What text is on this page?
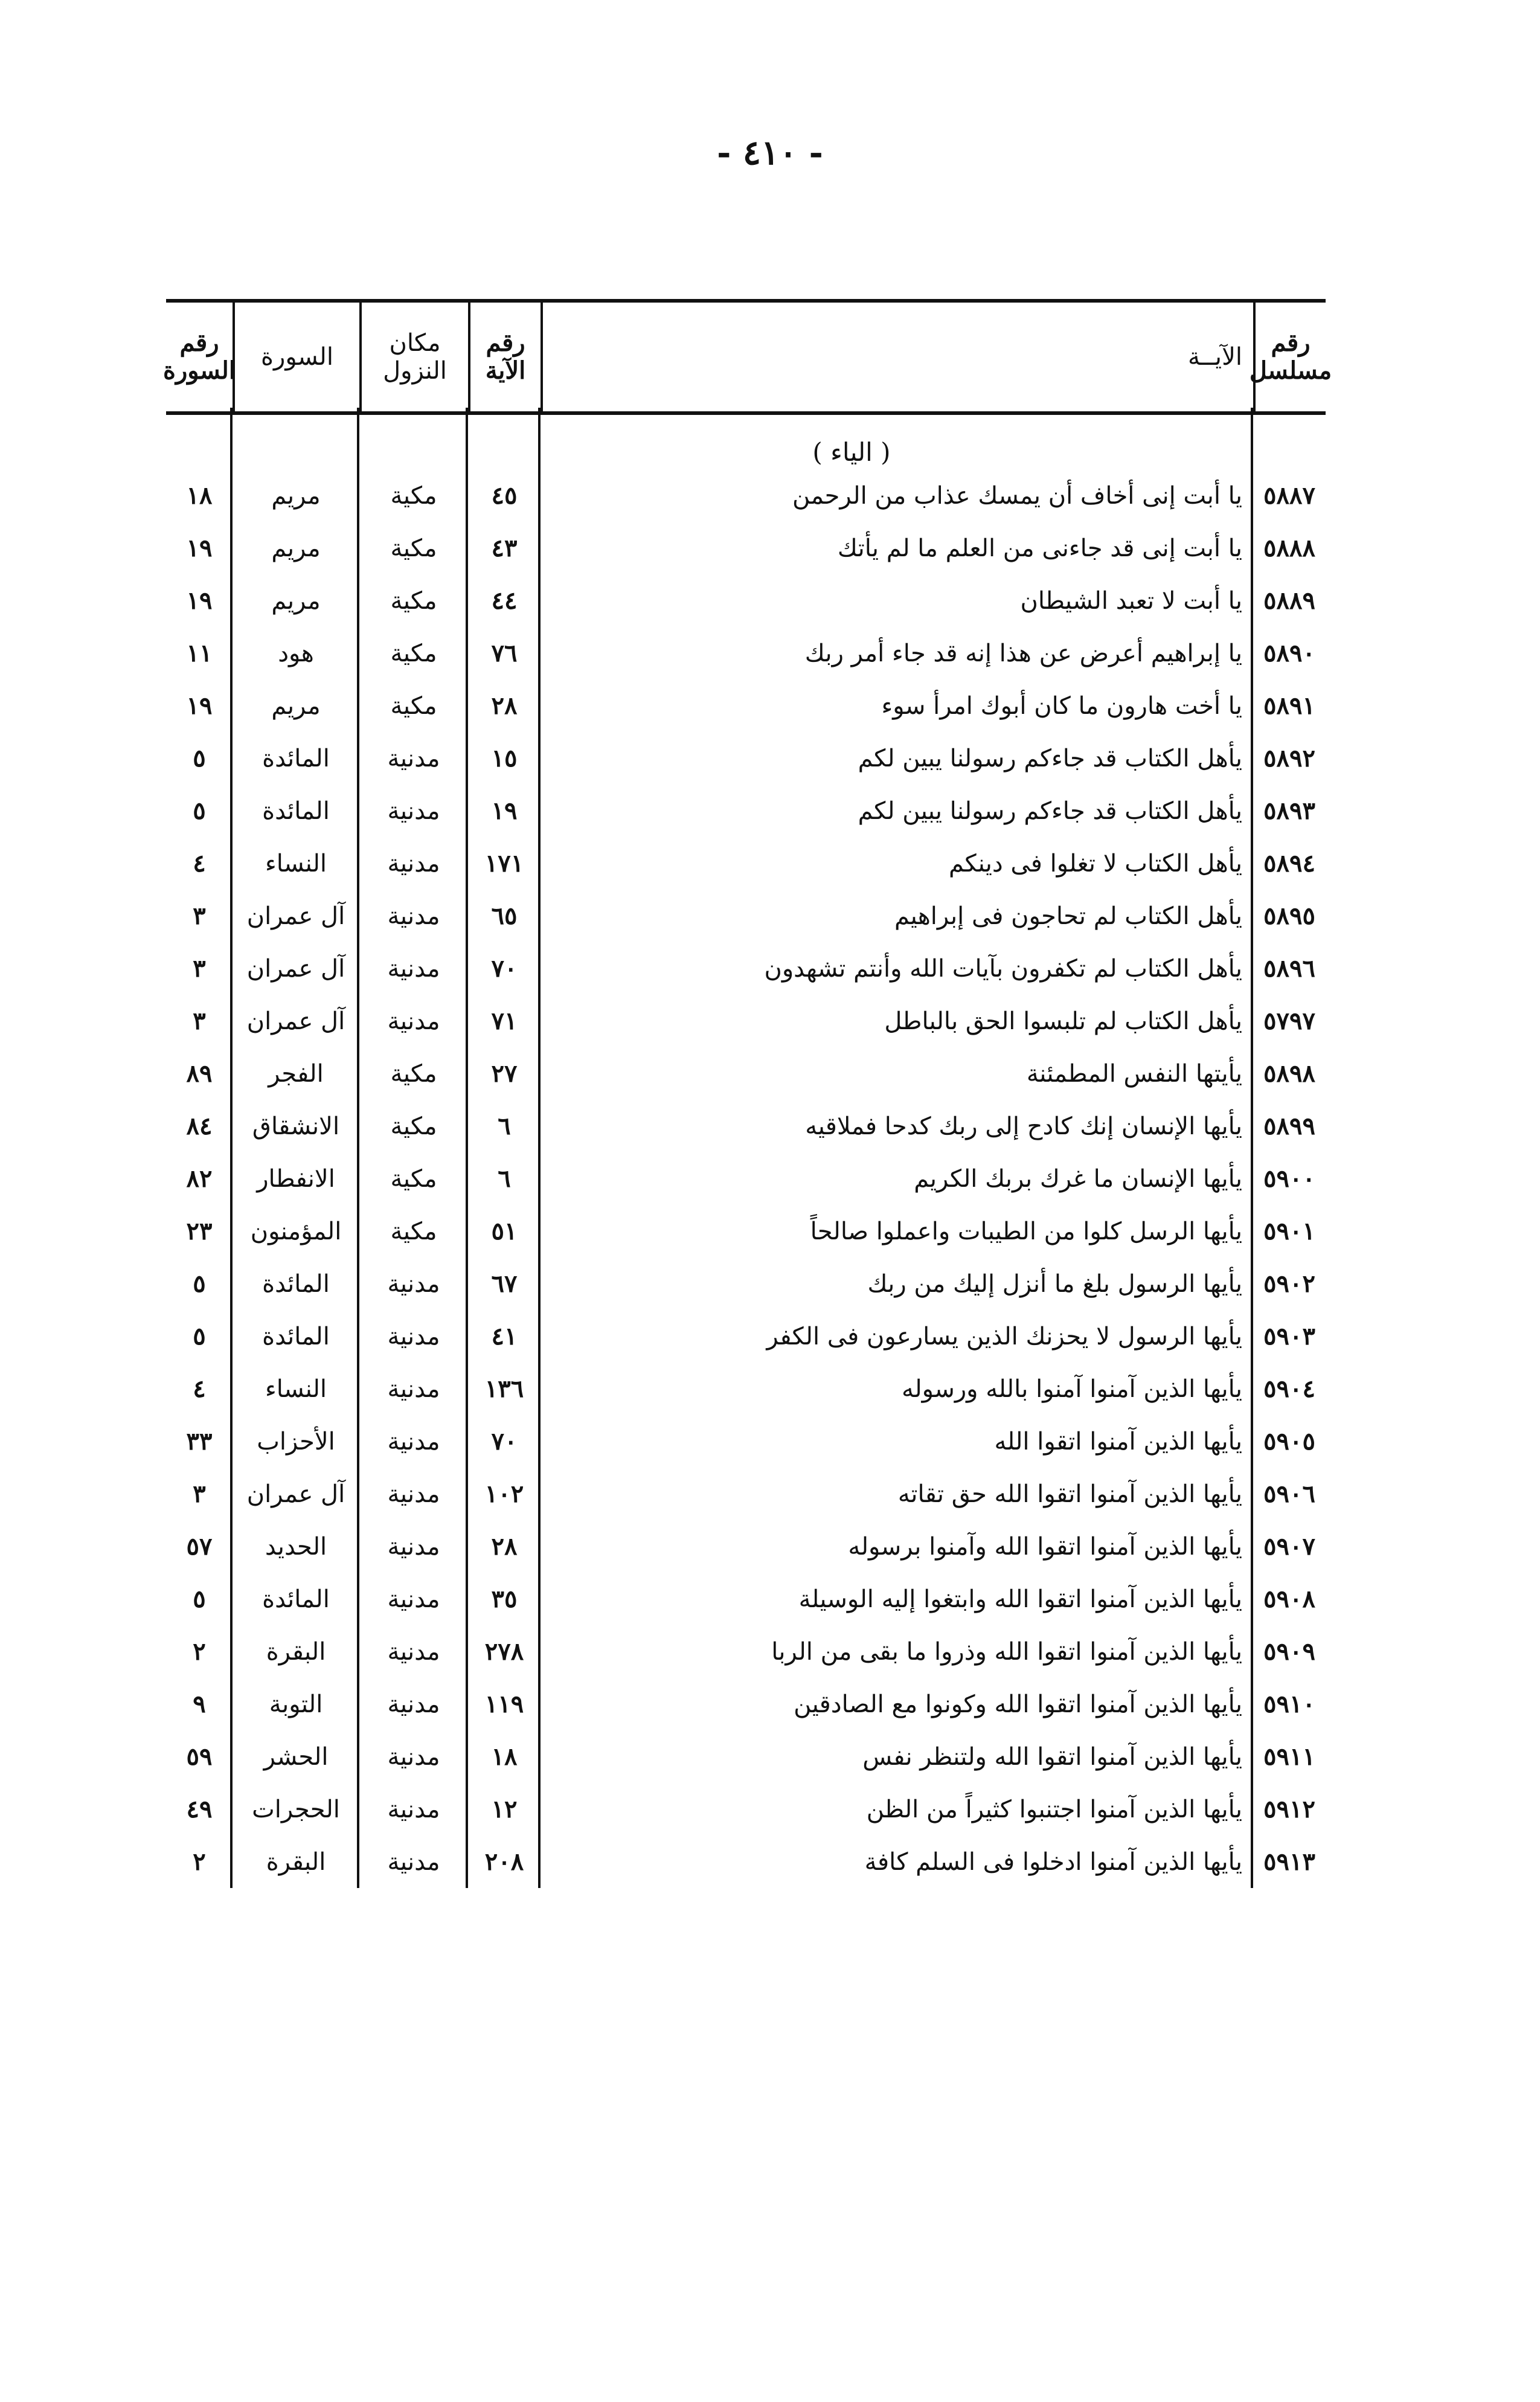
- ٤١٠ -
رقم
مسلسل
الآيــة
رقم
الآية
مكان
النزول
السورة
رقم
السورة
( الياء )
٥٨٨٧
يا أبت إنى أخاف أن يمسك عذاب من الرحمن
٤٥
مكية
مريم
١٨
٥٨٨٨
يا أبت إنى قد جاءنى من العلم ما لم يأتك
٤٣
مكية
مريم
١٩
٥٨٨٩
يا أبت لا تعبد الشيطان
٤٤
مكية
مريم
١٩
٥٨٩٠
يا إبراهيم أعرض عن هذا إنه قد جاء أمر ربك
٧٦
مكية
هود
١١
٥٨٩١
يا أخت هارون ما كان أبوك امرأ سوء
٢٨
مكية
مريم
١٩
٥٨٩٢
يأهل الكتاب قد جاءكم رسولنا يبين لكم
١٥
مدنية
المائدة
٥
٥٨٩٣
يأهل الكتاب قد جاءكم رسولنا يبين لكم
١٩
مدنية
المائدة
٥
٥٨٩٤
يأهل الكتاب لا تغلوا فى دينكم
١٧١
مدنية
النساء
٤
٥٨٩٥
يأهل الكتاب لم تحاجون فى إبراهيم
٦٥
مدنية
آل عمران
٣
٥٨٩٦
يأهل الكتاب لم تكفرون بآيات الله وأنتم تشهدون
٧٠
مدنية
آل عمران
٣
٥٧٩٧
يأهل الكتاب لم تلبسوا الحق بالباطل
٧١
مدنية
آل عمران
٣
٥٨٩٨
يأيتها النفس المطمئنة
٢٧
مكية
الفجر
٨٩
٥٨٩٩
يأيها الإنسان إنك كادح إلى ربك كدحا فملاقيه
٦
مكية
الانشقاق
٨٤
٥٩٠٠
يأيها الإنسان ما غرك بربك الكريم
٦
مكية
الانفطار
٨٢
٥٩٠١
يأيها الرسل كلوا من الطيبات واعملوا صالحاً
٥١
مكية
المؤمنون
٢٣
٥٩٠٢
يأيها الرسول بلغ ما أنزل إليك من ربك
٦٧
مدنية
المائدة
٥
٥٩٠٣
يأيها الرسول لا يحزنك الذين يسارعون فى الكفر
٤١
مدنية
المائدة
٥
٥٩٠٤
يأيها الذين آمنوا آمنوا بالله ورسوله
١٣٦
مدنية
النساء
٤
٥٩٠٥
يأيها الذين آمنوا اتقوا الله
٧٠
مدنية
الأحزاب
٣٣
٥٩٠٦
يأيها الذين آمنوا اتقوا الله حق تقاته
١٠٢
مدنية
آل عمران
٣
٥٩٠٧
يأيها الذين آمنوا اتقوا الله وآمنوا برسوله
٢٨
مدنية
الحديد
٥٧
٥٩٠٨
يأيها الذين آمنوا اتقوا الله وابتغوا إليه الوسيلة
٣٥
مدنية
المائدة
٥
٥٩٠٩
يأيها الذين آمنوا اتقوا الله وذروا ما بقى من الربا
٢٧٨
مدنية
البقرة
٢
٥٩١٠
يأيها الذين آمنوا اتقوا الله وكونوا مع الصادقين
١١٩
مدنية
التوبة
٩
٥٩١١
يأيها الذين آمنوا اتقوا الله ولتنظر نفس
١٨
مدنية
الحشر
٥٩
٥٩١٢
يأيها الذين آمنوا اجتنبوا كثيراً من الظن
١٢
مدنية
الحجرات
٤٩
٥٩١٣
يأيها الذين آمنوا ادخلوا فى السلم كافة
٢٠٨
مدنية
البقرة
٢
